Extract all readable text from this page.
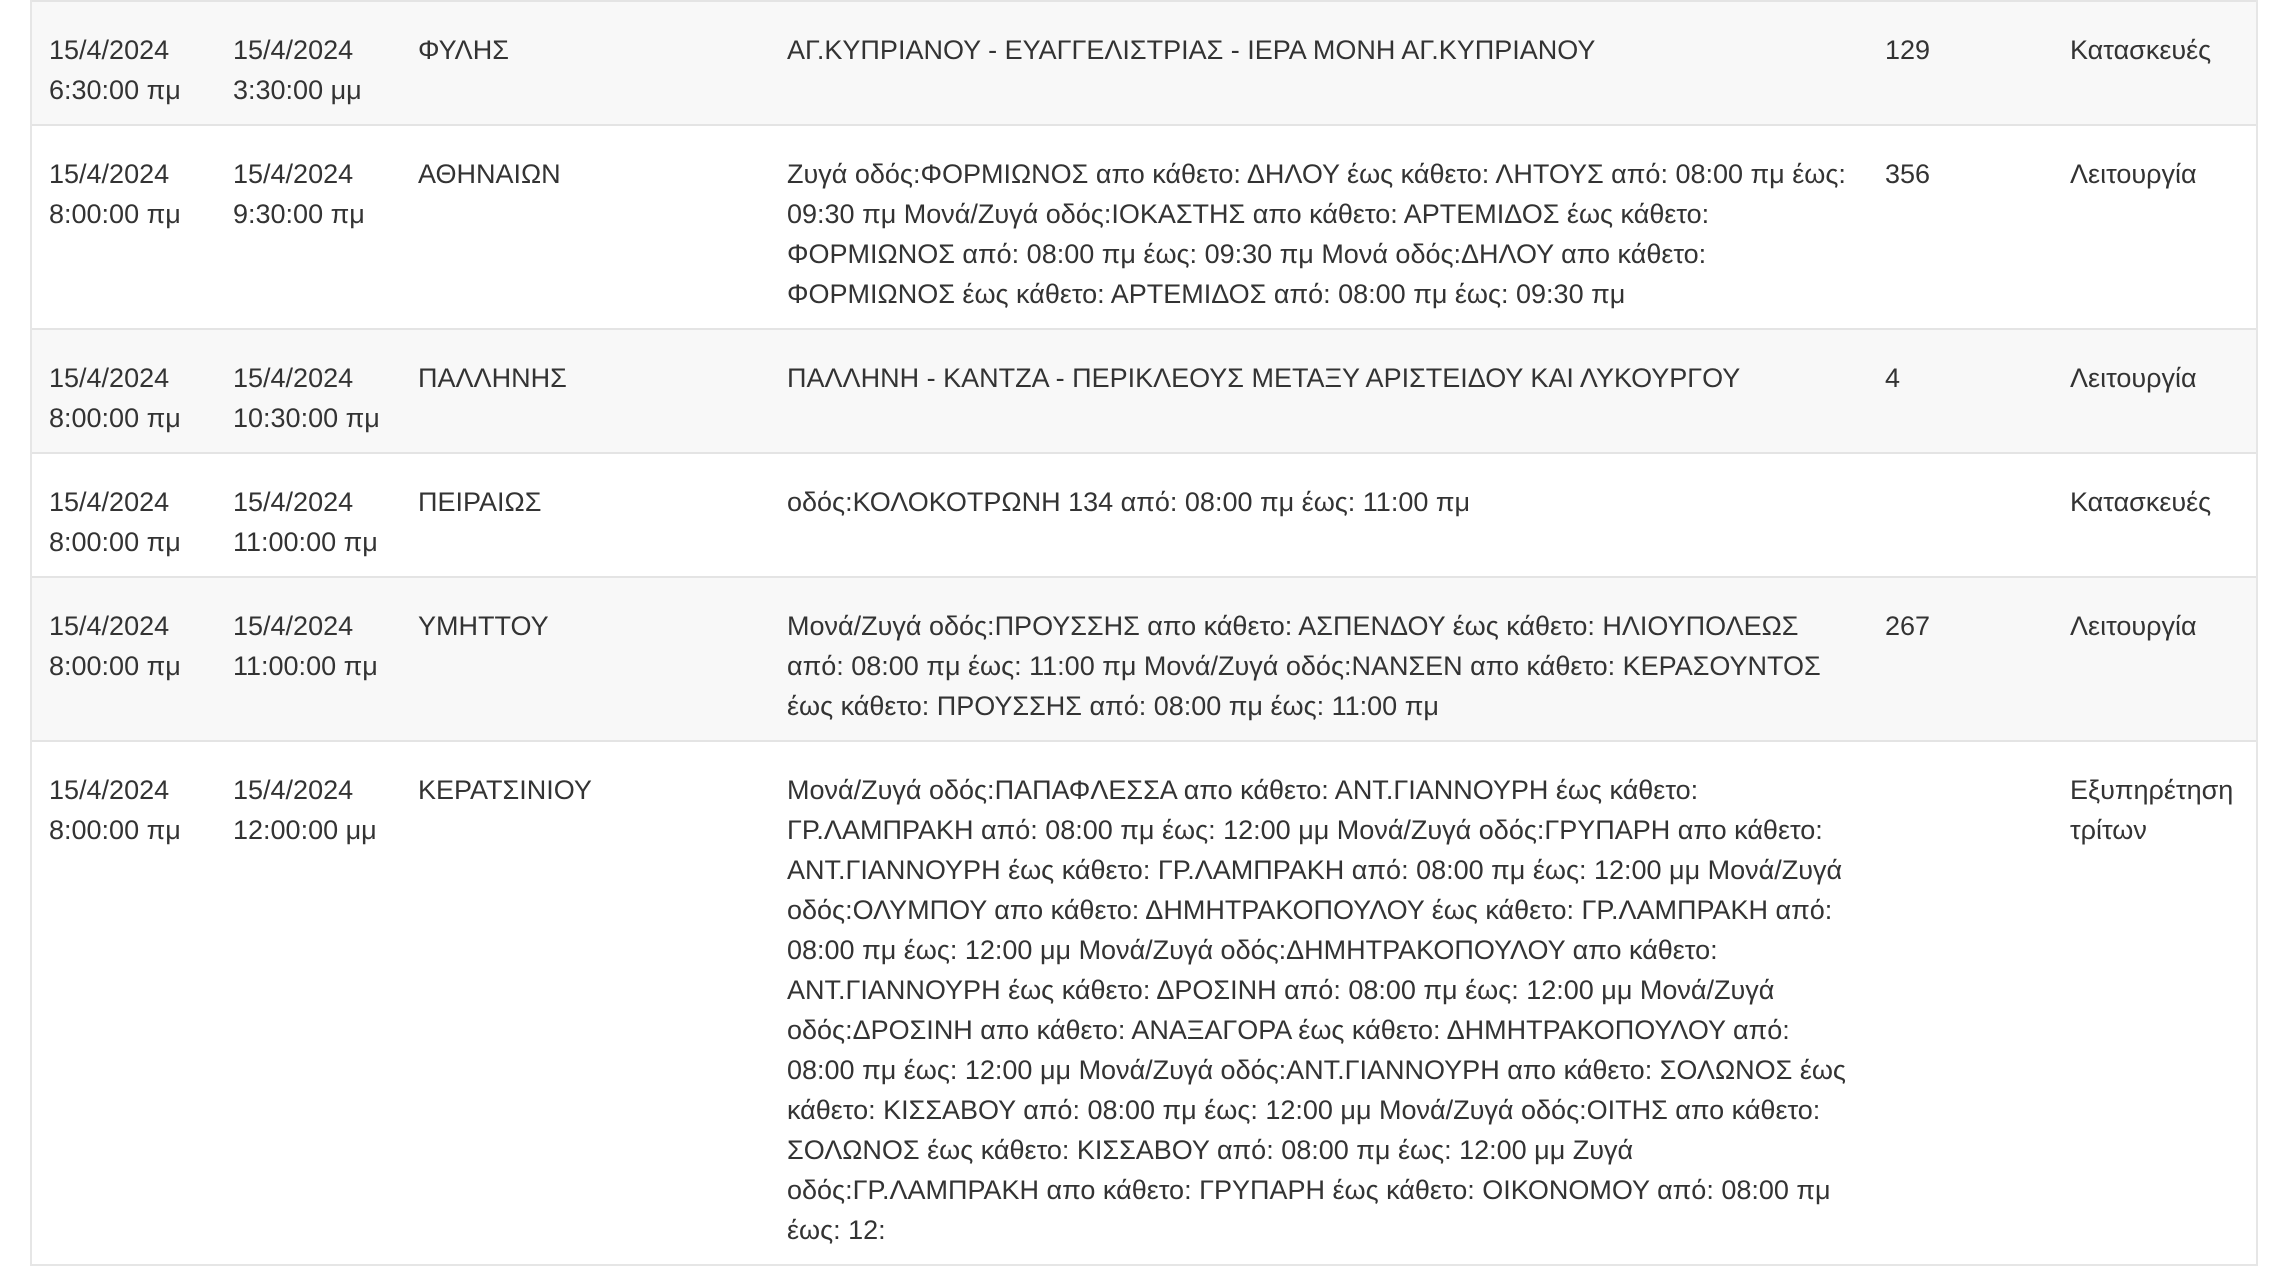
15/4/2024 6:30:00 πμ	15/4/2024 3:30:00 μμ	ΦΥΛΗΣ	ΑΓ.ΚΥΠΡΙΑΝΟΥ - ΕΥΑΓΓΕΛΙΣΤΡΙΑΣ - ΙΕΡΑ ΜΟΝΗ ΑΓ.ΚΥΠΡΙΑΝΟΥ	129	Κατασκευές
15/4/2024 8:00:00 πμ	15/4/2024 9:30:00 πμ	ΑΘΗΝΑΙΩΝ	Ζυγά οδός:ΦΟΡΜΙΩΝΟΣ απο κάθετο: ΔΗΛΟΥ έως κάθετο: ΛΗΤΟΥΣ από: 08:00 πμ έως: 09:30 πμ Μονά/Ζυγά οδός:ΙΟΚΑΣΤΗΣ απο κάθετο: ΑΡΤΕΜΙΔΟΣ έως κάθετο: ΦΟΡΜΙΩΝΟΣ από: 08:00 πμ έως: 09:30 πμ Μονά οδός:ΔΗΛΟΥ απο κάθετο: ΦΟΡΜΙΩΝΟΣ έως κάθετο: ΑΡΤΕΜΙΔΟΣ από: 08:00 πμ έως: 09:30 πμ	356	Λειτουργία
15/4/2024 8:00:00 πμ	15/4/2024 10:30:00 πμ	ΠΑΛΛΗΝΗΣ	ΠΑΛΛΗΝΗ - ΚΑΝΤΖΑ - ΠΕΡΙΚΛΕΟΥΣ ΜΕΤΑΞΥ ΑΡΙΣΤΕΙΔΟΥ ΚΑΙ ΛΥΚΟΥΡΓΟΥ	4	Λειτουργία
15/4/2024 8:00:00 πμ	15/4/2024 11:00:00 πμ	ΠΕΙΡΑΙΩΣ	οδός:ΚΟΛΟΚΟΤΡΩΝΗ 134 από: 08:00 πμ έως: 11:00 πμ		Κατασκευές
15/4/2024 8:00:00 πμ	15/4/2024 11:00:00 πμ	ΥΜΗΤΤΟΥ	Μονά/Ζυγά οδός:ΠΡΟΥΣΣΗΣ απο κάθετο: ΑΣΠΕΝΔΟΥ έως κάθετο: ΗΛΙΟΥΠΟΛΕΩΣ από: 08:00 πμ έως: 11:00 πμ Μονά/Ζυγά οδός:ΝΑΝΣΕΝ απο κάθετο: ΚΕΡΑΣΟΥΝΤΟΣ έως κάθετο: ΠΡΟΥΣΣΗΣ από: 08:00 πμ έως: 11:00 πμ	267	Λειτουργία
15/4/2024 8:00:00 πμ	15/4/2024 12:00:00 μμ	ΚΕΡΑΤΣΙΝΙΟΥ	Μονά/Ζυγά οδός:ΠΑΠΑΦΛΕΣΣΑ απο κάθετο: ΑΝΤ.ΓΙΑΝΝΟΥΡΗ έως κάθετο: ΓΡ.ΛΑΜΠΡΑΚΗ από: 08:00 πμ έως: 12:00 μμ Μονά/Ζυγά οδός:ΓΡΥΠΑΡΗ απο κάθετο: ΑΝΤ.ΓΙΑΝΝΟΥΡΗ έως κάθετο: ΓΡ.ΛΑΜΠΡΑΚΗ από: 08:00 πμ έως: 12:00 μμ Μονά/Ζυγά οδός:ΟΛΥΜΠΟΥ απο κάθετο: ΔΗΜΗΤΡΑΚΟΠΟΥΛΟΥ έως κάθετο: ΓΡ.ΛΑΜΠΡΑΚΗ από: 08:00 πμ έως: 12:00 μμ Μονά/Ζυγά οδός:ΔΗΜΗΤΡΑΚΟΠΟΥΛΟΥ απο κάθετο: ΑΝΤ.ΓΙΑΝΝΟΥΡΗ έως κάθετο: ΔΡΟΣΙΝΗ από: 08:00 πμ έως: 12:00 μμ Μονά/Ζυγά οδός:ΔΡΟΣΙΝΗ απο κάθετο: ΑΝΑΞΑΓΟΡΑ έως κάθετο: ΔΗΜΗΤΡΑΚΟΠΟΥΛΟΥ από: 08:00 πμ έως: 12:00 μμ Μονά/Ζυγά οδός:ΑΝΤ.ΓΙΑΝΝΟΥΡΗ απο κάθετο: ΣΟΛΩΝΟΣ έως κάθετο: ΚΙΣΣΑΒΟΥ από: 08:00 πμ έως: 12:00 μμ Μονά/Ζυγά οδός:ΟΙΤΗΣ απο κάθετο: ΣΟΛΩΝΟΣ έως κάθετο: ΚΙΣΣΑΒΟΥ από: 08:00 πμ έως: 12:00 μμ Ζυγά οδός:ΓΡ.ΛΑΜΠΡΑΚΗ απο κάθετο: ΓΡΥΠΑΡΗ έως κάθετο: ΟΙΚΟΝΟΜΟΥ από: 08:00 πμ έως: 12:		Εξυπηρέτηση τρίτων
